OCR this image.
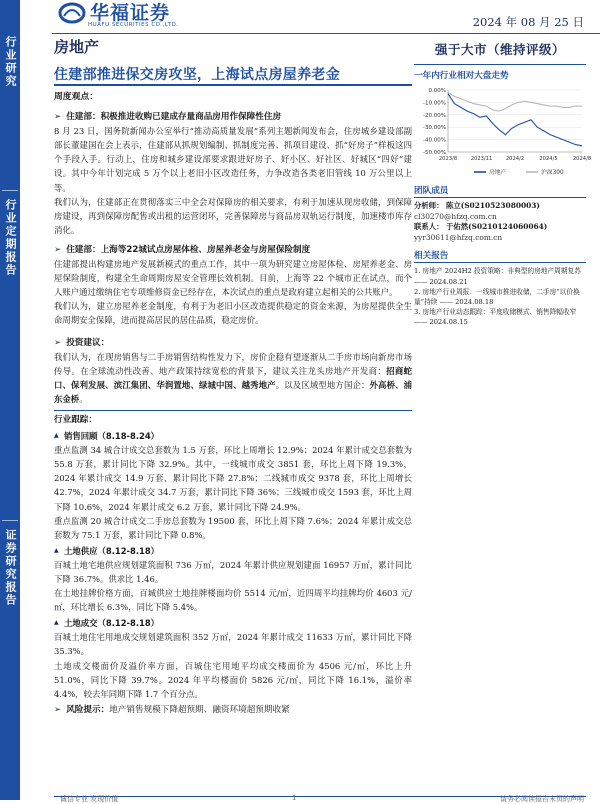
华福证券
HUAFU SECURITIES CO.,LTD.	2024 年 08 月 25 日
行业研究
行业定期报告
证券研究报告
房地产
住建部推进保交房攻坚，上海试点房屋养老金
周度观点：
➢ 住建部：积极推进收购已建成存量商品房用作保障性住房

8 月 23 日，国务院新闻办公室举行“推动高质量发展”系列主题新闻发布会，住房城乡建设部副部长董建国在会上表示，住建部从抓规划编制、抓制度完善、抓项目建设、抓“好房子”样板这四个手段入手。行动上，住房和城乡建设部要求跟进好房子、好小区、好社区、好城区“四好”建设。其中今年计划完成 5 万个以上老旧小区改造任务，力争改造各类老旧管线 10 万公里以上等。

我们认为，住建部正在贯彻落实三中全会对保障房的相关要求，有利于加速从现房收储，到保障房建设，再到保障房配售或出租的运营闭环，完善保障房与商品房双轨运行制度，加速楼市库存消化。

➢ 住建部：上海等22城试点房屋体检、房屋养老金与房屋保险制度

住建部提出构建房地产发展新模式的重点工作，其中一项为研究建立房屋体检、房屋养老金、房屋保险制度，构建全生命周期房屋安全管理长效机制。目前，上海等 22 个城市正在试点，而个人账户通过缴纳住宅专项维修资金已经存在，本次试点的重点是政府建立起相关的公共账户。

我们认为，建立房屋养老金制度，有利于为老旧小区改造提供稳定的资金来源，为房屋提供全生命周期安全保障，进而提高居民的居住品质，稳定房价。

➢ 投资建议：

我们认为，在现房销售与二手房销售结构性发力下，房价企稳有望逐渐从二手房市场向新房市场传导。在全球流动性改善、地产政策持续宽松的背景下，建议关注龙头房地产开发商：招商蛇口、保利发展、滨江集团、华润置地、绿城中国、越秀地产。以及区域型地方国企：外高桥、浦东金桥。

行业跟踪：
▲ 销售回顾（8.18-8.24）

重点监测 34 城合计成交总套数为 1.5 万套，环比上周增长 12.9%；2024 年累计成交总套数为 55.8 万套，累计同比下降 32.9%。其中，一线城市成交 3851 套，环比上周下降 19.3%，2024 年累计成交 14.9 万套，累计同比下降 27.8%；二线城市成交 9378 套，环比上周增长 42.7%，2024 年累计成交 34.7 万套，累计同比下降 36%；三线城市成交 1593 套，环比上周下降 10.6%，2024 年累计成交 6.2 万套，累计同比下降 24.9%。

重点监测 20 城合计成交二手房总套数为 19500 套，环比上周下降 7.6%；2024 年累计成交总套数为 75.1 万套，累计同比下降 0.8%。

▲ 土地供应（8.12-8.18）

百城土地宅地供应规划建筑面积 736 万㎡，2024 年累计供应规划建面 16957 万㎡，累计同比下降 36.7%。供求比 1.46。

在土地挂牌价格方面，百城供应土地挂牌楼面均价 5514 元/㎡，近四周平均挂牌均价 4603 元/㎡，环比增长 6.3%，同比下降 5.4%。

▲ 土地成交（8.12-8.18）

百城土地住宅用地成交规划建筑面积 352 万㎡，2024 年累计成交 11633 万㎡，累计同比下降 35.3%。

土地成交楼面价及溢价率方面，百城住宅用地平均成交楼面价为 4506 元/㎡，环比上升 51.0%，同比下降 39.7%。2024 年平均楼面价 5826 元/㎡，同比下降 16.1%，溢价率 4.4%，较去年同期下降 1.7 个百分点。

➢ 风险提示：地产销售规模下降超预期、融资环境超预期收紧
强于大市（维持评级）
一年内行业相对大盘走势
0.00%
-10.00%
-20.00%
-30.00%
-40.00%
-50.00%
2023/8	2023/11	2024/2	2024/5	2024/8
房地产	沪深300
团队成员
分析师： 陈立(S0210523080003)
cl30270@hfzq.com.cn
联系人： 于佑然(S0210124060064)
yyr30611@hfzq.com.cn
相关报告
1. 房地产 2024H2 投资策略：非典型的房地产周期复苏 —— 2024.08.21
2. 房地产行业周报：一线城市推进收储，二手房“以价换量”持续 —— 2024.08.18
3. 房地产行业动态跟踪：平度收储模式、销售降幅收窄 —— 2024.08.15
诚信专业 发现价值	1	请务必阅读报告末页的声明
